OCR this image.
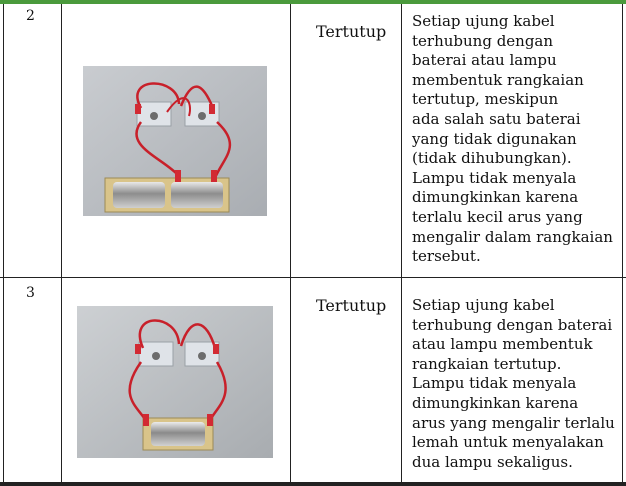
2
Tertutup
Setiap ujung kabel
terhubung dengan
baterai atau lampu
membentuk rangkaian
tertutup, meskipun
ada salah satu baterai
yang tidak digunakan
(tidak dihubungkan).
Lampu tidak menyala
dimungkinkan karena
terlalu kecil arus yang
mengalir dalam rangkaian
tersebut.
3
Tertutup Setiap ujung kabel
terhubung dengan baterai
atau lampu membentuk
rangkaian tertutup.
Lampu tidak menyala
dimungkinkan karena
arus yang mengalir terlalu
lemah untuk menyalakan
dua lampu sekaligus.
